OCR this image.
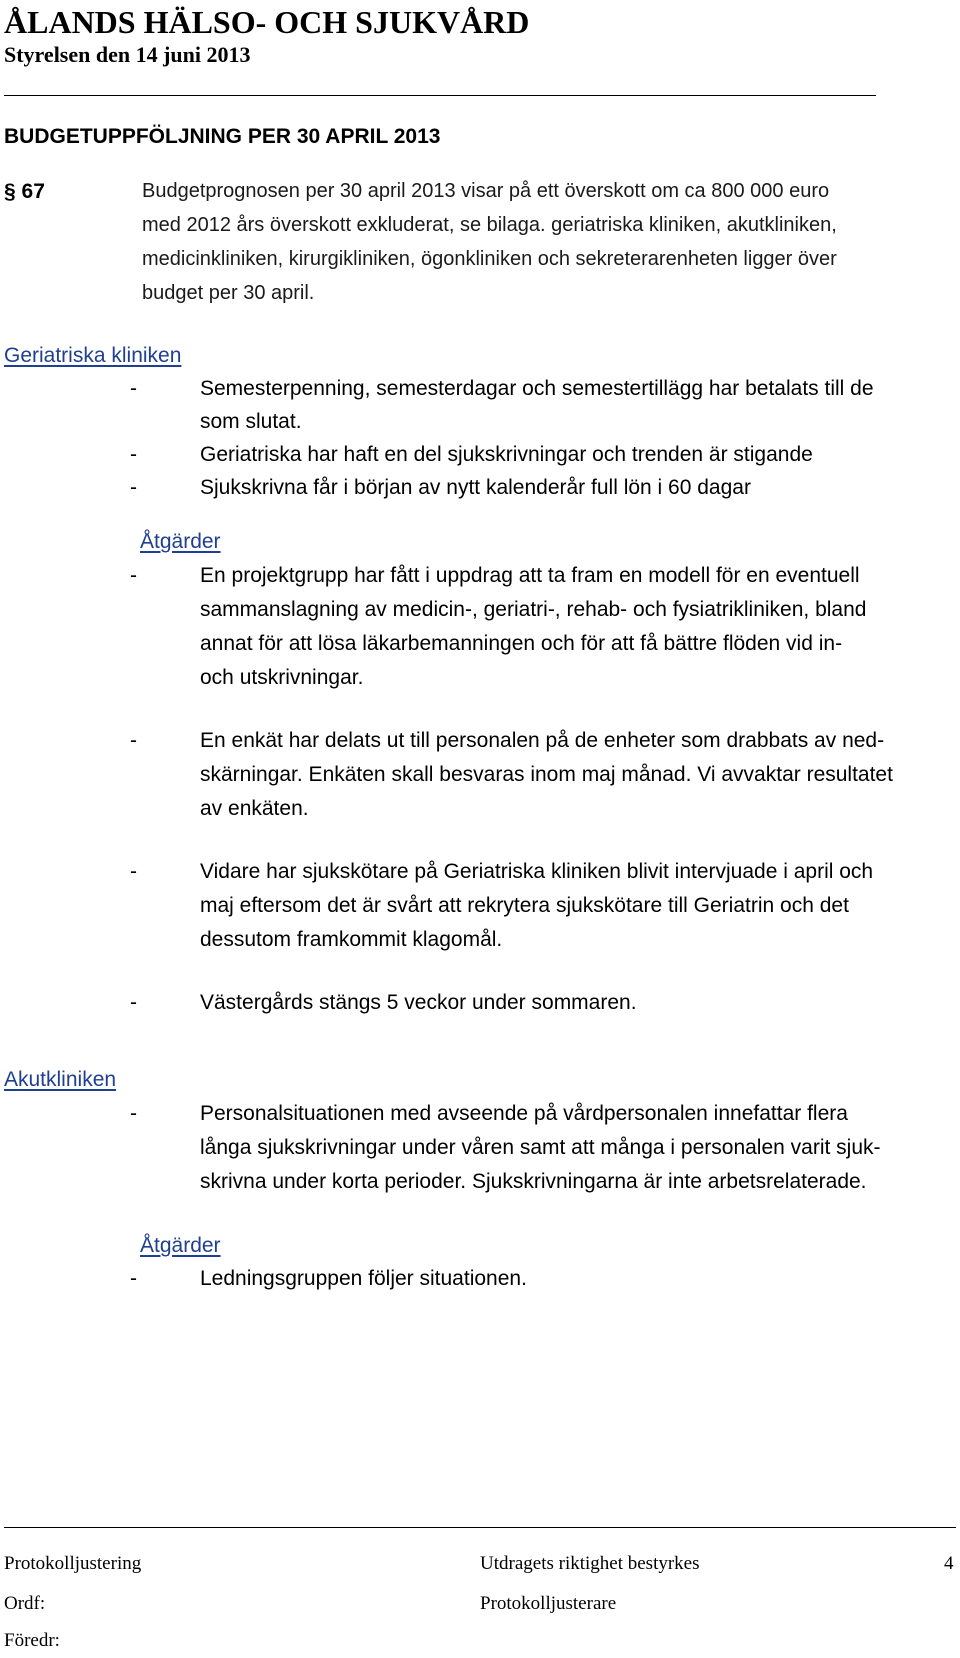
ÅLANDS HÄLSO- OCH SJUKVÅRD
Styrelsen den 14 juni 2013
BUDGETUPPFÖLJNING PER 30 APRIL 2013
§ 67	Budgetprognosen per 30 april 2013 visar på ett överskott om ca 800 000 euro
med 2012 års överskott exkluderat, se bilaga. geriatriska kliniken, akutkliniken,
medicinkliniken, kirurgikliniken, ögonkliniken och sekreterarenheten ligger över
budget per 30 april.
Geriatriska kliniken
-	Semesterpenning, semesterdagar och semestertillägg har betalats till de
som slutat.
-	Geriatriska har haft en del sjukskrivningar och trenden är stigande
-	Sjukskrivna får i början av nytt kalenderår full lön i 60 dagar
Åtgärder
-	En projektgrupp har fått i uppdrag att ta fram en modell för en eventuell
sammanslagning av medicin-, geriatri-, rehab- och fysiatrikliniken, bland
annat för att lösa läkarbemanningen och för att få bättre flöden vid in-
och utskrivningar.
-	En enkät har delats ut till personalen på de enheter som drabbats av ned-
skärningar. Enkäten skall besvaras inom maj månad. Vi avvaktar resultatet
av enkäten.
-	Vidare har sjukskötare på Geriatriska kliniken blivit intervjuade i april och
maj eftersom det är svårt att rekrytera sjukskötare till Geriatrin och det
dessutom framkommit klagomål.
-	Västergårds stängs 5 veckor under sommaren.
Akutkliniken
-	Personalsituationen med avseende på vårdpersonalen innefattar flera
långa sjukskrivningar under våren samt att många i personalen varit sjuk-
skrivna under korta perioder. Sjukskrivningarna är inte arbetsrelaterade.
Åtgärder
-	Ledningsgruppen följer situationen.
Protokolljustering	Utdragets riktighet bestyrkes	4
Ordf:	Protokolljusterare
Föredr:
